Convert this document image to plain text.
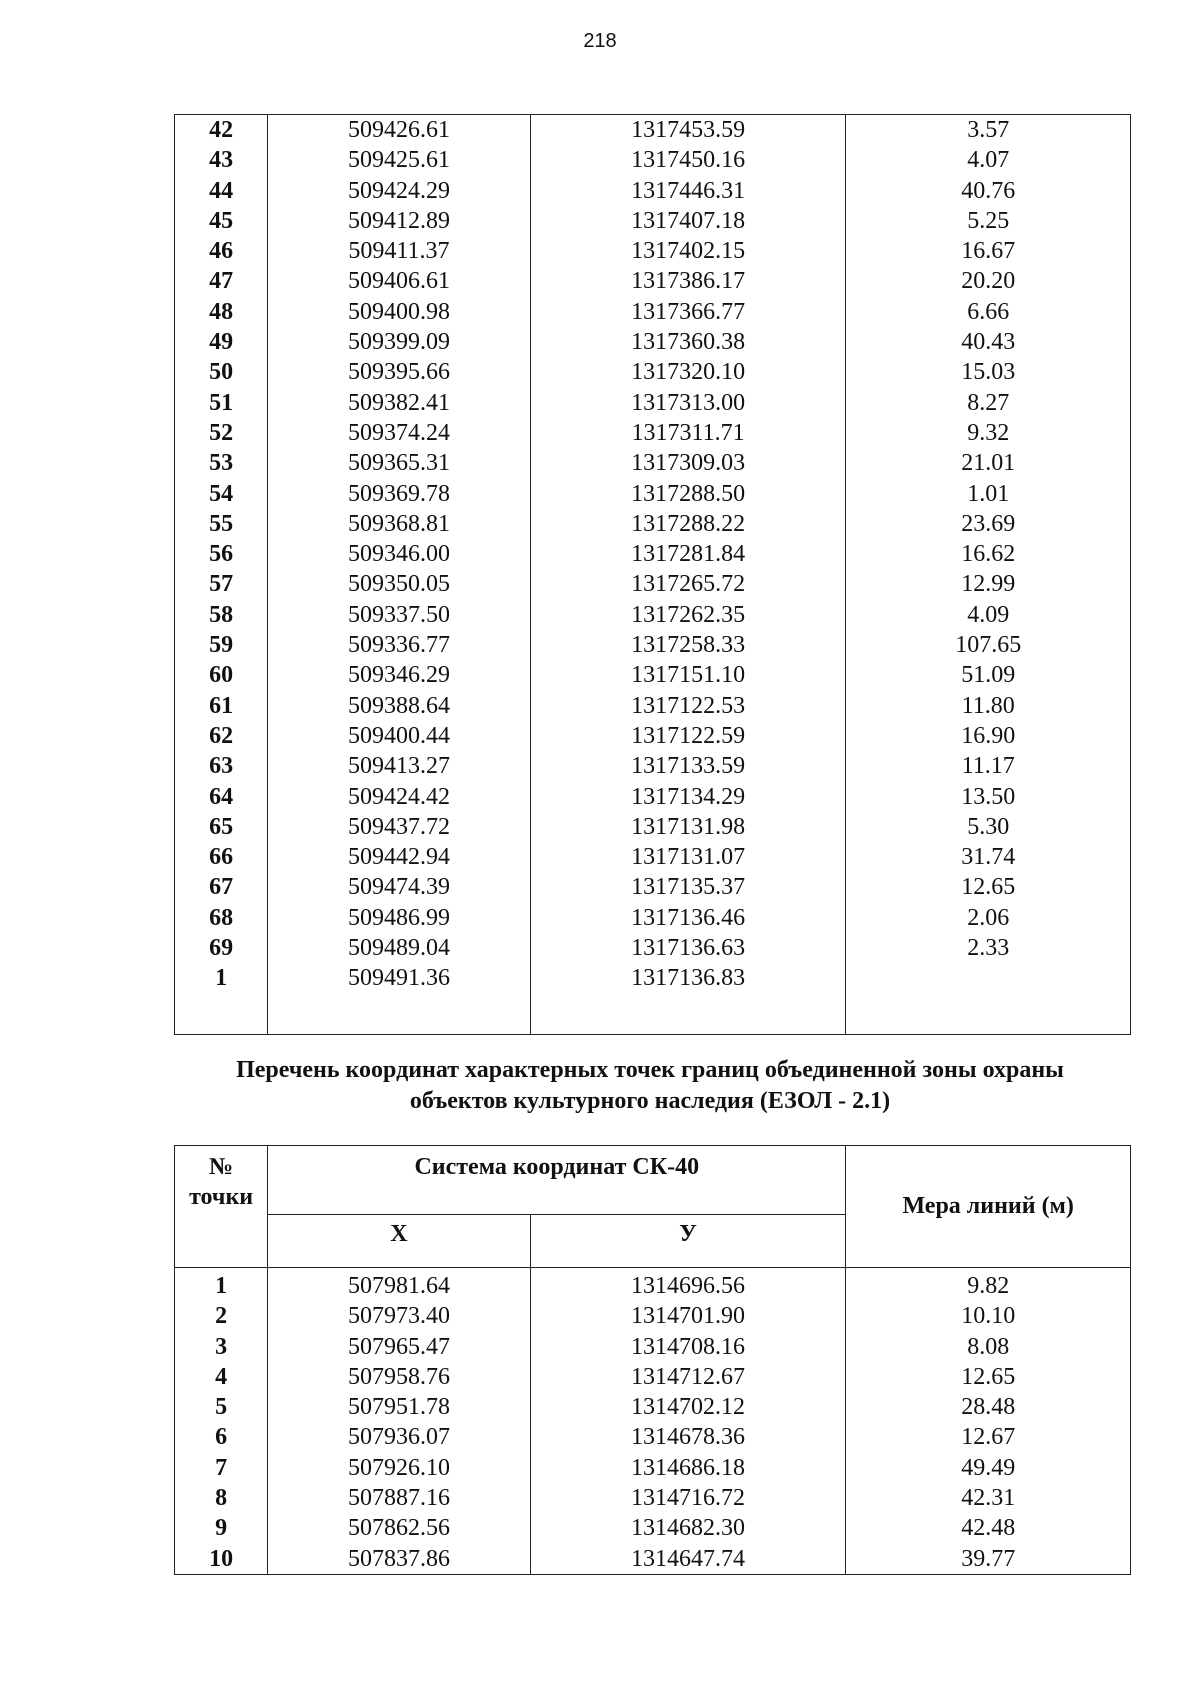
218
42	509426.61	1317453.59	3.57
43	509425.61	1317450.16	4.07
44	509424.29	1317446.31	40.76
45	509412.89	1317407.18	5.25
46	509411.37	1317402.15	16.67
47	509406.61	1317386.17	20.20
48	509400.98	1317366.77	6.66
49	509399.09	1317360.38	40.43
50	509395.66	1317320.10	15.03
51	509382.41	1317313.00	8.27
52	509374.24	1317311.71	9.32
53	509365.31	1317309.03	21.01
54	509369.78	1317288.50	1.01
55	509368.81	1317288.22	23.69
56	509346.00	1317281.84	16.62
57	509350.05	1317265.72	12.99
58	509337.50	1317262.35	4.09
59	509336.77	1317258.33	107.65
60	509346.29	1317151.10	51.09
61	509388.64	1317122.53	11.80
62	509400.44	1317122.59	16.90
63	509413.27	1317133.59	11.17
64	509424.42	1317134.29	13.50
65	509437.72	1317131.98	5.30
66	509442.94	1317131.07	31.74
67	509474.39	1317135.37	12.65
68	509486.99	1317136.46	2.06
69	509489.04	1317136.63	2.33
1	509491.36	1317136.83	

Перечень координат характерных точек границ объединенной зоны охраны
объектов культурного наследия (ЕЗОЛ - 2.1)
№
точки	Система координат СК-40		Мера линий (м)
	Х	У	
1	507981.64	1314696.56	9.82
2	507973.40	1314701.90	10.10
3	507965.47	1314708.16	8.08
4	507958.76	1314712.67	12.65
5	507951.78	1314702.12	28.48
6	507936.07	1314678.36	12.67
7	507926.10	1314686.18	49.49
8	507887.16	1314716.72	42.31
9	507862.56	1314682.30	42.48
10	507837.86	1314647.74	39.77
